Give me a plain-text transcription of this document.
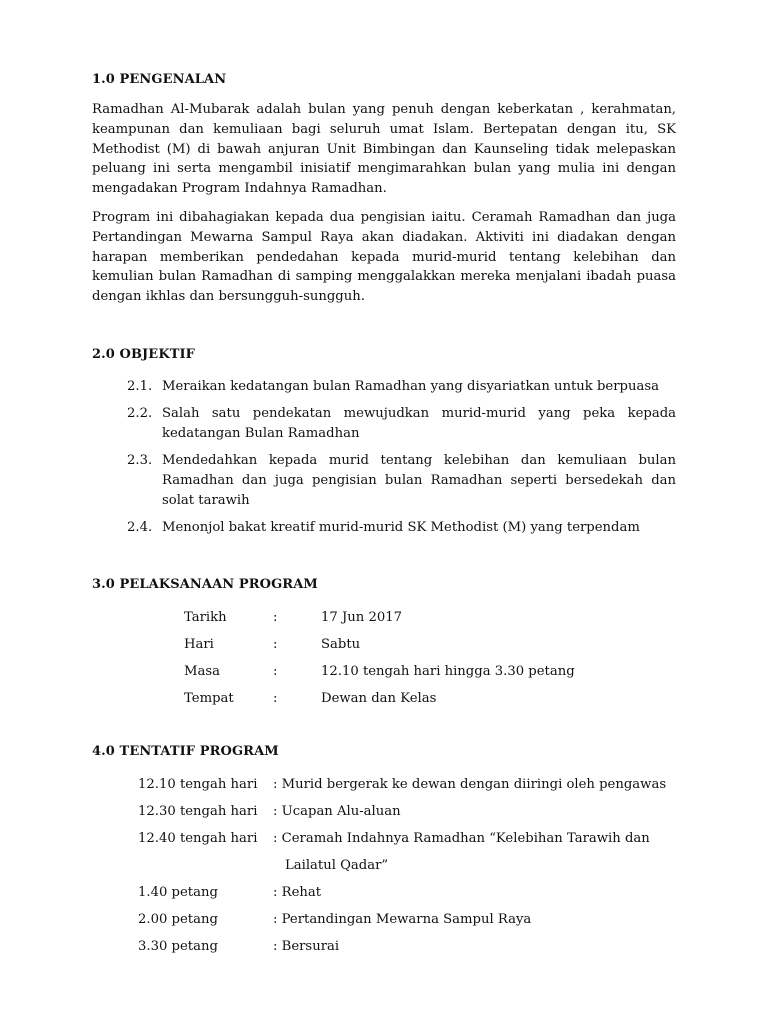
1.0 PENGENALAN
Ramadhan Al-Mubarak adalah bulan yang penuh dengan keberkatan , kerahmatan, keampunan dan kemuliaan bagi seluruh umat Islam. Bertepatan dengan itu, SK Methodist (M) di bawah anjuran Unit Bimbingan dan Kaunseling tidak melepaskan peluang ini serta mengambil inisiatif mengimarahkan bulan yang mulia ini dengan mengadakan Program Indahnya Ramadhan.
Program ini dibahagiakan kepada dua pengisian iaitu. Ceramah Ramadhan dan juga Pertandingan Mewarna Sampul Raya akan diadakan. Aktiviti ini diadakan dengan harapan memberikan pendedahan kepada murid-murid tentang kelebihan dan kemulian bulan Ramadhan di samping menggalakkan mereka menjalani ibadah puasa dengan ikhlas dan bersungguh-sungguh.
2.0 OBJEKTIF
2.1. Meraikan kedatangan bulan Ramadhan yang disyariatkan untuk berpuasa
2.2. Salah satu pendekatan mewujudkan murid-murid yang peka kepada kedatangan Bulan Ramadhan
2.3. Mendedahkan kepada murid tentang kelebihan dan kemuliaan bulan Ramadhan dan juga pengisian bulan Ramadhan seperti bersedekah dan solat tarawih
2.4. Menonjol bakat kreatif murid-murid SK Methodist (M) yang terpendam
3.0 PELAKSANAAN PROGRAM
Tarikh	:	17 Jun 2017
Hari	:	Sabtu
Masa	:	12.10 tengah hari hingga 3.30 petang
Tempat	:	Dewan dan Kelas
4.0 TENTATIF PROGRAM
12.10 tengah hari : Murid bergerak ke dewan dengan diiringi oleh pengawas
12.30 tengah hari : Ucapan Alu-aluan
12.40 tengah hari : Ceramah Indahnya Ramadhan “Kelebihan Tarawih dan
Lailatul Qadar”
1.40 petang	: Rehat
2.00 petang	: Pertandingan Mewarna Sampul Raya
3.30 petang	: Bersurai
